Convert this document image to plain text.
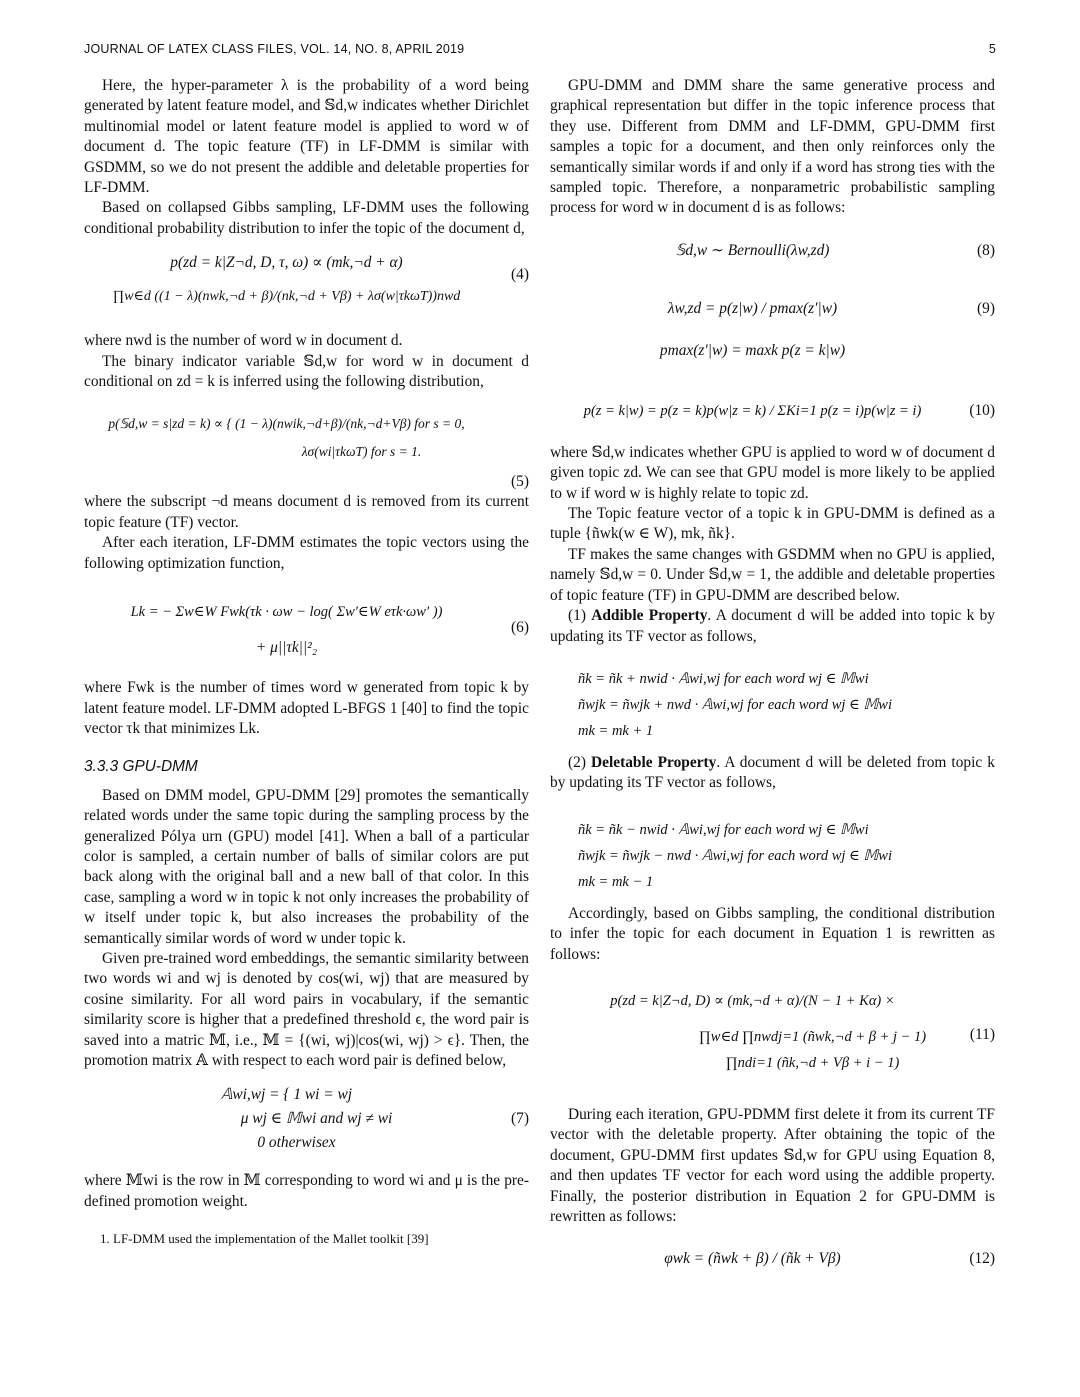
JOURNAL OF LATEX CLASS FILES, VOL. 14, NO. 8, APRIL 2019	5

Here, the hyper-parameter λ is the probability of a word being generated by latent feature model, and 𝕊d,w indicates whether Dirichlet multinomial model or latent feature model is applied to word w of document d. The topic feature (TF) in LF-DMM is similar with GSDMM, so we do not present the addible and deletable properties for LF-DMM.

Based on collapsed Gibbs sampling, LF-DMM uses the following conditional probability distribution to infer the topic of the document d,

p(zd = k|Z¬d, D, τ, ω) ∝ (mk,¬d + α)
∏w∈d ((1 − λ)(nwk,¬d + β)/(nk,¬d + Vβ) + λσ(w|τkωT))nwd
(4)

where nwd is the number of word w in document d.

The binary indicator variable 𝕊d,w for word w in document d conditional on zd = k is inferred using the following distribution,

p(𝕊d,w = s|zd = k) ∝ { (1 − λ)(nwik,¬d+β)/(nk,¬d+Vβ) for s = 0,
λσ(wi|τkωT) for s = 1.
(5)

where the subscript ¬d means document d is removed from its current topic feature (TF) vector.

After each iteration, LF-DMM estimates the topic vectors using the following optimization function,

Lk = − Σw∈W Fwk(τk · ωw − log( Σw′∈W eτk·ωw′ ))
+ μ||τk||²₂
(6)

where Fwk is the number of times word w generated from topic k by latent feature model. LF-DMM adopted L-BFGS 1 [40] to find the topic vector τk that minimizes Lk.

3.3.3 GPU-DMM

Based on DMM model, GPU-DMM [29] promotes the semantically related words under the same topic during the sampling process by the generalized Pólya urn (GPU) model [41]. When a ball of a particular color is sampled, a certain number of balls of similar colors are put back along with the original ball and a new ball of that color. In this case, sampling a word w in topic k not only increases the probability of w itself under topic k, but also increases the probability of the semantically similar words of word w under topic k.

Given pre-trained word embeddings, the semantic similarity between two words wi and wj is denoted by cos(wi, wj) that are measured by cosine similarity. For all word pairs in vocabulary, if the semantic similarity score is higher that a predefined threshold ϵ, the word pair is saved into a matric 𝕄, i.e., 𝕄 = {(wi, wj)|cos(wi, wj) > ϵ}. Then, the promotion matrix 𝔸 with respect to each word pair is defined below,

𝔸wi,wj = { 1 wi = wj
μ wj ∈ 𝕄wi and wj ≠ wi
0 otherwisex
(7)

where 𝕄wi is the row in 𝕄 corresponding to word wi and μ is the pre-defined promotion weight.

1. LF-DMM used the implementation of the Mallet toolkit [39]

GPU-DMM and DMM share the same generative process and graphical representation but differ in the topic inference process that they use. Different from DMM and LF-DMM, GPU-DMM first samples a topic for a document, and then only reinforces only the semantically similar words if and only if a word has strong ties with the sampled topic. Therefore, a nonparametric probabilistic sampling process for word w in document d is as follows:

𝕊d,w ∼ Bernoulli(λw,zd)	(8)
λw,zd = p(z|w) / pmax(z′|w)	(9)
pmax(z′|w) = maxk p(z = k|w)
p(z = k|w) = p(z = k)p(w|z = k) / ΣKi=1 p(z = i)p(w|z = i)	(10)

where 𝕊d,w indicates whether GPU is applied to word w of document d given topic zd. We can see that GPU model is more likely to be applied to w if word w is highly relate to topic zd.

The Topic feature vector of a topic k in GPU-DMM is defined as a tuple {ñwk(w ∈ W), mk, ñk}.

TF makes the same changes with GSDMM when no GPU is applied, namely 𝕊d,w = 0. Under 𝕊d,w = 1, the addible and deletable properties of topic feature (TF) in GPU-DMM are described below.

(1) Addible Property. A document d will be added into topic k by updating its TF vector as follows,

ñk = ñk + nwid · 𝔸wi,wj for each word wj ∈ 𝕄wi
ñwjk = ñwjk + nwd · 𝔸wi,wj for each word wj ∈ 𝕄wi
mk = mk + 1

(2) Deletable Property. A document d will be deleted from topic k by updating its TF vector as follows,

ñk = ñk − nwid · 𝔸wi,wj for each word wj ∈ 𝕄wi
ñwjk = ñwjk − nwd · 𝔸wi,wj for each word wj ∈ 𝕄wi
mk = mk − 1

Accordingly, based on Gibbs sampling, the conditional distribution to infer the topic for each document in Equation 1 is rewritten as follows:

p(zd = k|Z¬d, D) ∝ (mk,¬d + α)/(N − 1 + Kα) ×
∏w∈d ∏nwdj=1 (ñwk,¬d + β + j − 1)
∏ndi=1 (ñk,¬d + Vβ + i − 1)
(11)

During each iteration, GPU-PDMM first delete it from its current TF vector with the deletable property. After obtaining the topic of the document, GPU-DMM first updates 𝕊d,w for GPU using Equation 8, and then updates TF vector for each word using the addible property. Finally, the posterior distribution in Equation 2 for GPU-DMM is rewritten as follows:

φwk = (ñwk + β) / (ñk + Vβ)	(12)
